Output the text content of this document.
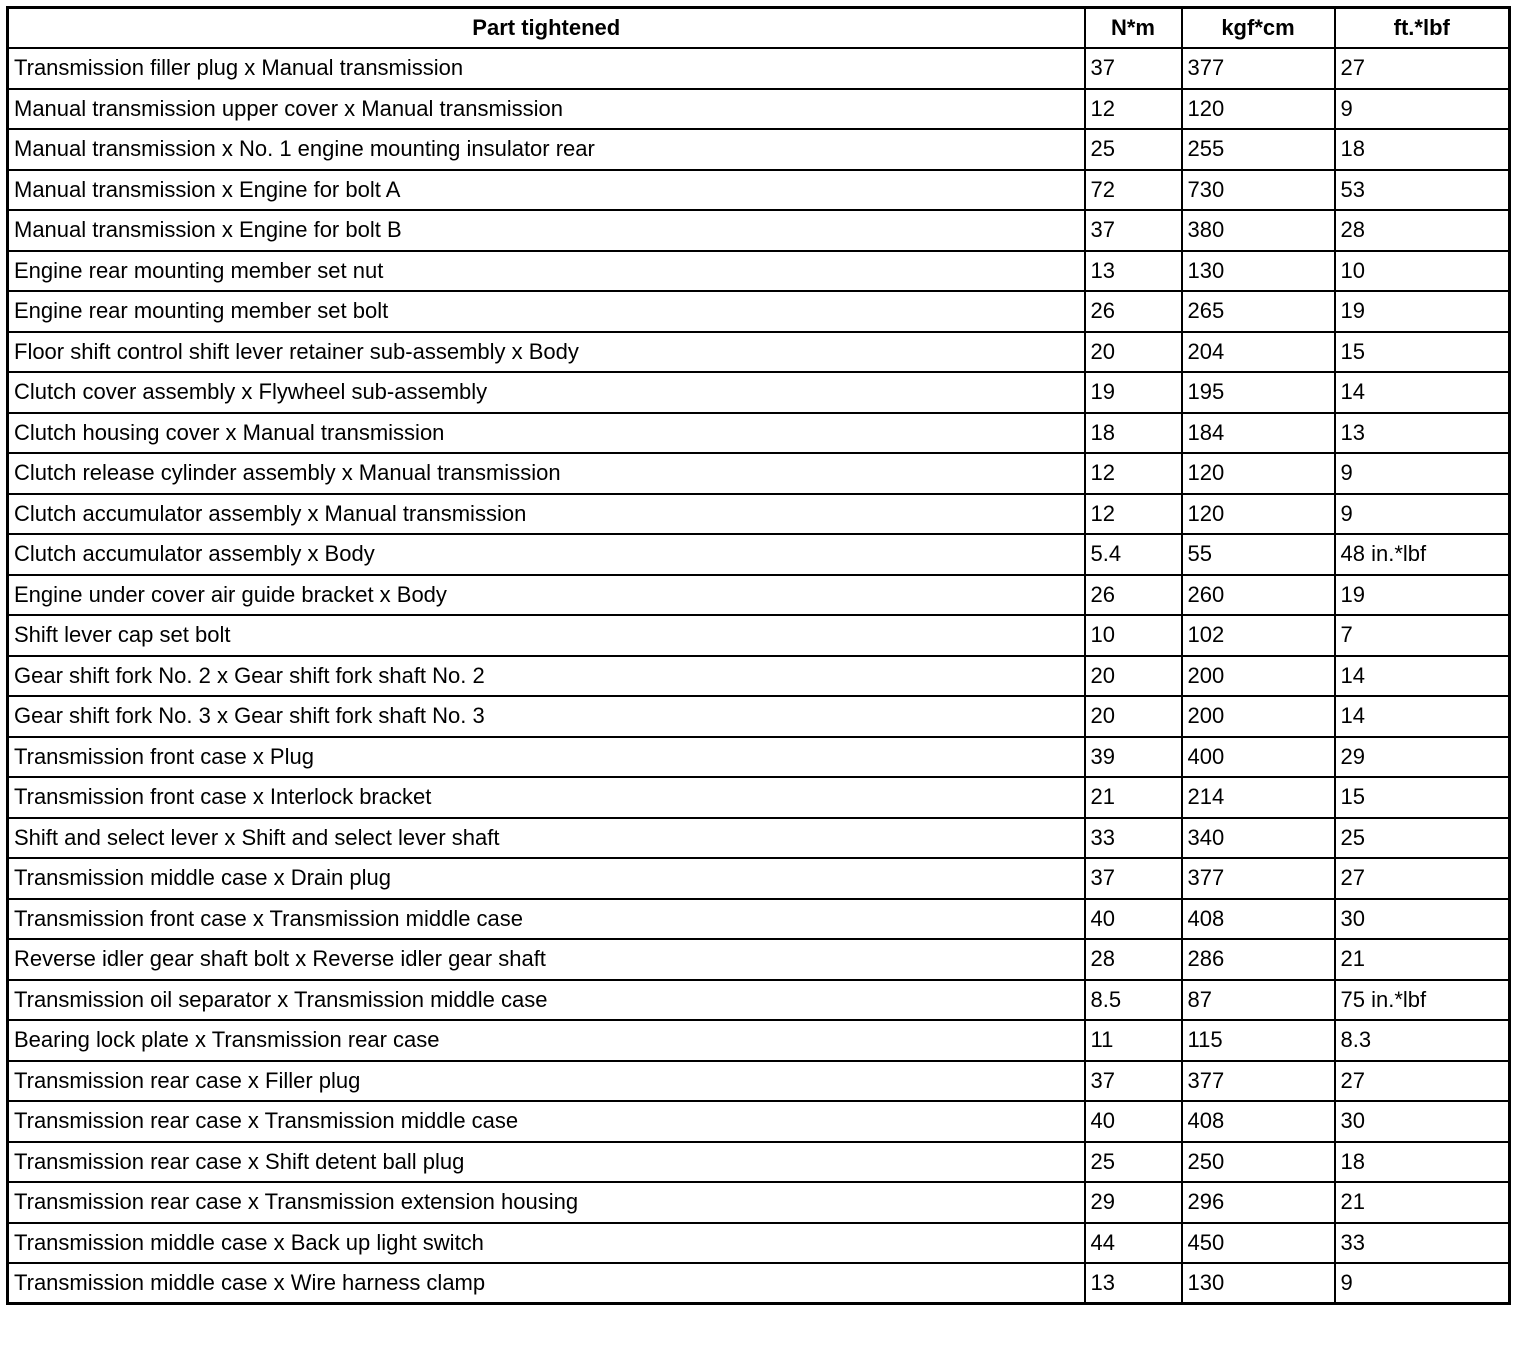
Part tightened	N*m	kgf*cm	ft.*lbf
Transmission filler plug x Manual transmission	37	377	27
Manual transmission upper cover x Manual transmission	12	120	9
Manual transmission x No. 1 engine mounting insulator rear	25	255	18
Manual transmission x Engine for bolt A	72	730	53
Manual transmission x Engine for bolt B	37	380	28
Engine rear mounting member set nut	13	130	10
Engine rear mounting member set bolt	26	265	19
Floor shift control shift lever retainer sub-assembly x Body	20	204	15
Clutch cover assembly x Flywheel sub-assembly	19	195	14
Clutch housing cover x Manual transmission	18	184	13
Clutch release cylinder assembly x Manual transmission	12	120	9
Clutch accumulator assembly x Manual transmission	12	120	9
Clutch accumulator assembly x Body	5.4	55	48 in.*lbf
Engine under cover air guide bracket x Body	26	260	19
Shift lever cap set bolt	10	102	7
Gear shift fork No. 2 x Gear shift fork shaft No. 2	20	200	14
Gear shift fork No. 3 x Gear shift fork shaft No. 3	20	200	14
Transmission front case x Plug	39	400	29
Transmission front case x Interlock bracket	21	214	15
Shift and select lever x Shift and select lever shaft	33	340	25
Transmission middle case x Drain plug	37	377	27
Transmission front case x Transmission middle case	40	408	30
Reverse idler gear shaft bolt x Reverse idler gear shaft	28	286	21
Transmission oil separator x Transmission middle case	8.5	87	75 in.*lbf
Bearing lock plate x Transmission rear case	11	115	8.3
Transmission rear case x Filler plug	37	377	27
Transmission rear case x Transmission middle case	40	408	30
Transmission rear case x Shift detent ball plug	25	250	18
Transmission rear case x Transmission extension housing	29	296	21
Transmission middle case x Back up light switch	44	450	33
Transmission middle case x Wire harness clamp	13	130	9
